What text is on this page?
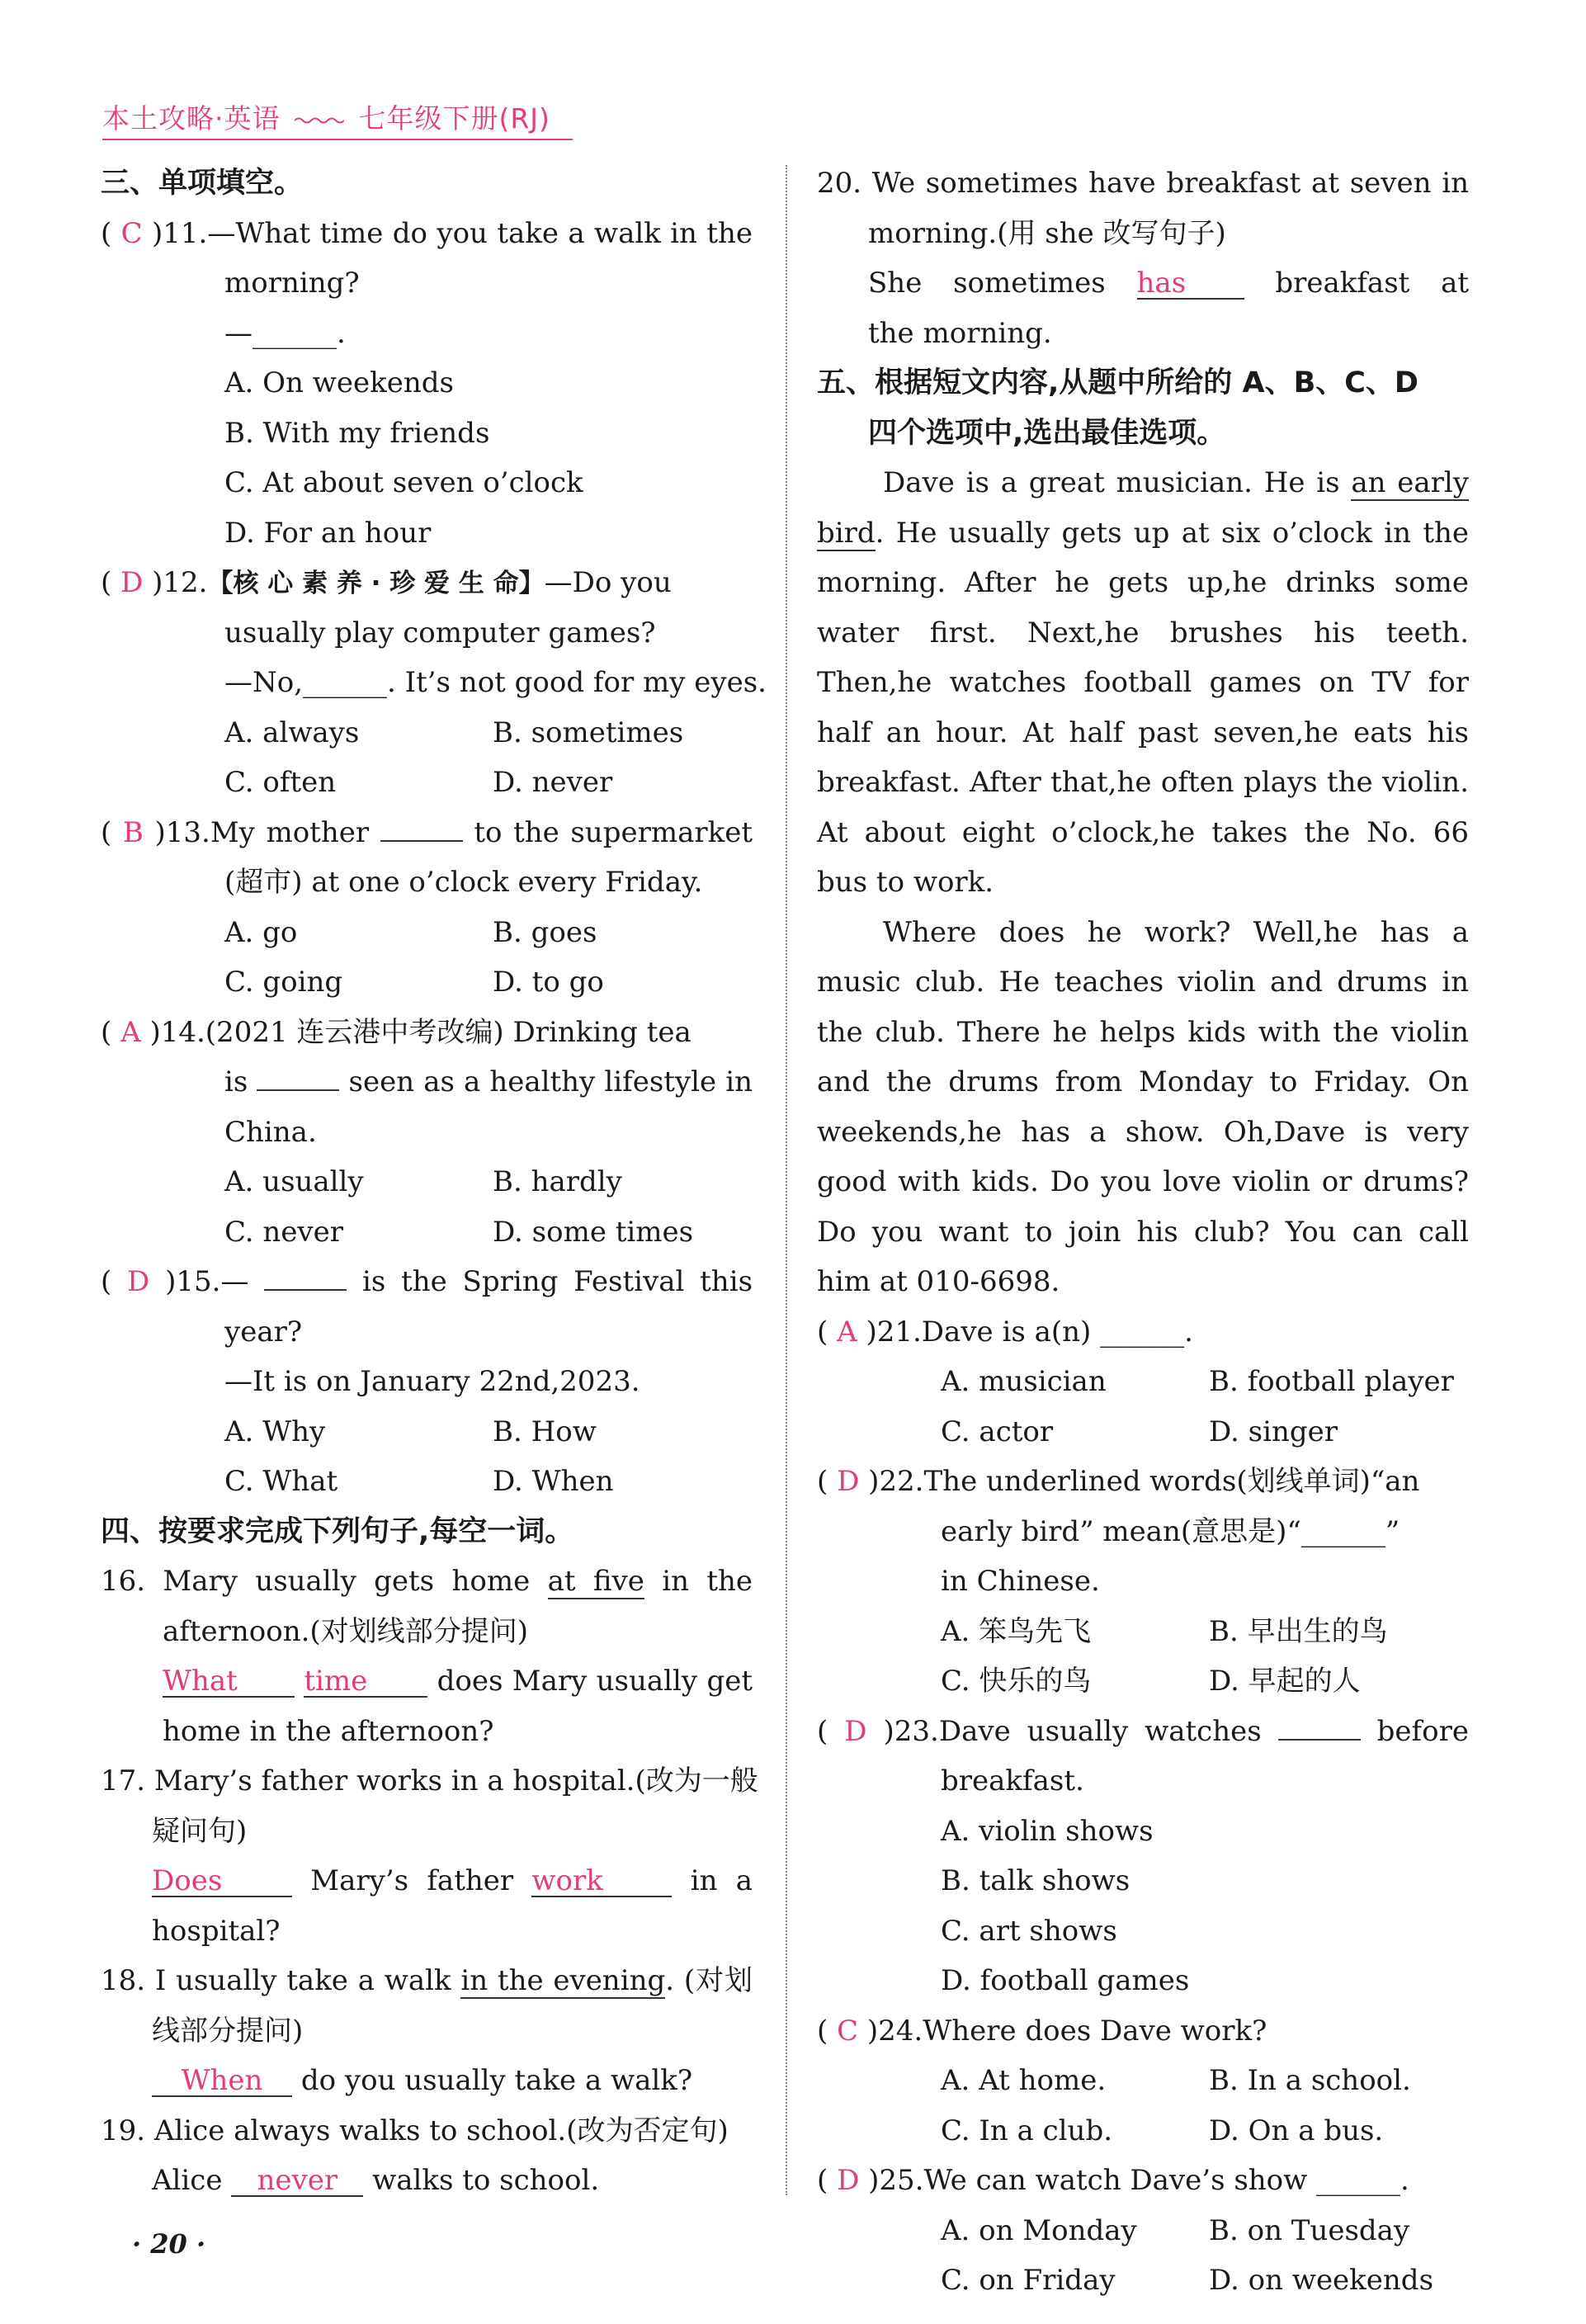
本土攻略·英语	七年级下册(RJ)
三、单项填空。
( C )11.—What time do you take a walk in the
morning?
—______.
A. On weekends
B. With my friends
C. At about seven o’clock
D. For an hour
( D )12.【核 心 素 养 · 珍 爱 生 命】—Do you
usually play computer games?
—No,______. It’s not good for my eyes.
A. always	B. sometimes
C. often	D. never
( B )13.My mother	to the supermarket
(超市) at one o’clock every Friday.
A. go	B. goes
C. going	D. to go
( A )14.(2021 连云港中考改编) Drinking tea
is	seen as a healthy lifestyle in
China.
A. usually	B. hardly
C. never	D. some times
( D )15.—	is the Spring Festival this
year?
—It is on January 22nd,2023.
A. Why	B. How
C. What	D. When
四、按要求完成下列句子,每空一词。
16. Mary usually gets home at five in the
afternoon.(对划线部分提问)
What time does Mary usually get
home in the afternoon?
17. Mary’s father works in a hospital.(改为一般
疑问句)
Does	Mary’s father work	in a
hospital?
18. I usually take a walk in the evening. (对划
线部分提问)
When do you usually take a walk?
19. Alice always walks to school.(改为否定句)
Alice never walks to school.
20. We sometimes have breakfast at seven in
morning.(用 she 改写句子)
She sometimes has	breakfast at
the morning.
五、根据短文内容,从题中所给的 A、B、C、D
四个选项中,选出最佳选项。

Dave is a great musician. He is an early bird. He usually gets up at six o’clock in the morning. After he gets up,he drinks some water first. Next,he brushes his teeth. Then,he watches football games on TV for half an hour. At half past seven,he eats his breakfast. After that,he often plays the violin. At about eight o’clock,he takes the No. 66 bus to work.

Where does he work? Well,he has a music club. He teaches violin and drums in the club. There he helps kids with the violin and the drums from Monday to Friday. On weekends,he has a show. Oh,Dave is very good with kids. Do you love violin or drums? Do you want to join his club? You can call him at 010-6698.

( A )21.Dave is a(n) ______.
A. musician	B. football player
C. actor	D. singer
( D )22.The underlined words(划线单词)“an
early bird” mean(意思是)“______”
in Chinese.
A. 笨鸟先飞	B. 早出生的鸟
C. 快乐的鸟	D. 早起的人
( D )23.Dave usually watches	before
breakfast.
A. violin shows
B. talk shows
C. art shows
D. football games
( C )24.Where does Dave work?
A. At home.	B. In a school.
C. In a club.	D. On a bus.
( D )25.We can watch Dave’s show ______.
A. on Monday	B. on Tuesday
C. on Friday	D. on weekends
· 20 ·
